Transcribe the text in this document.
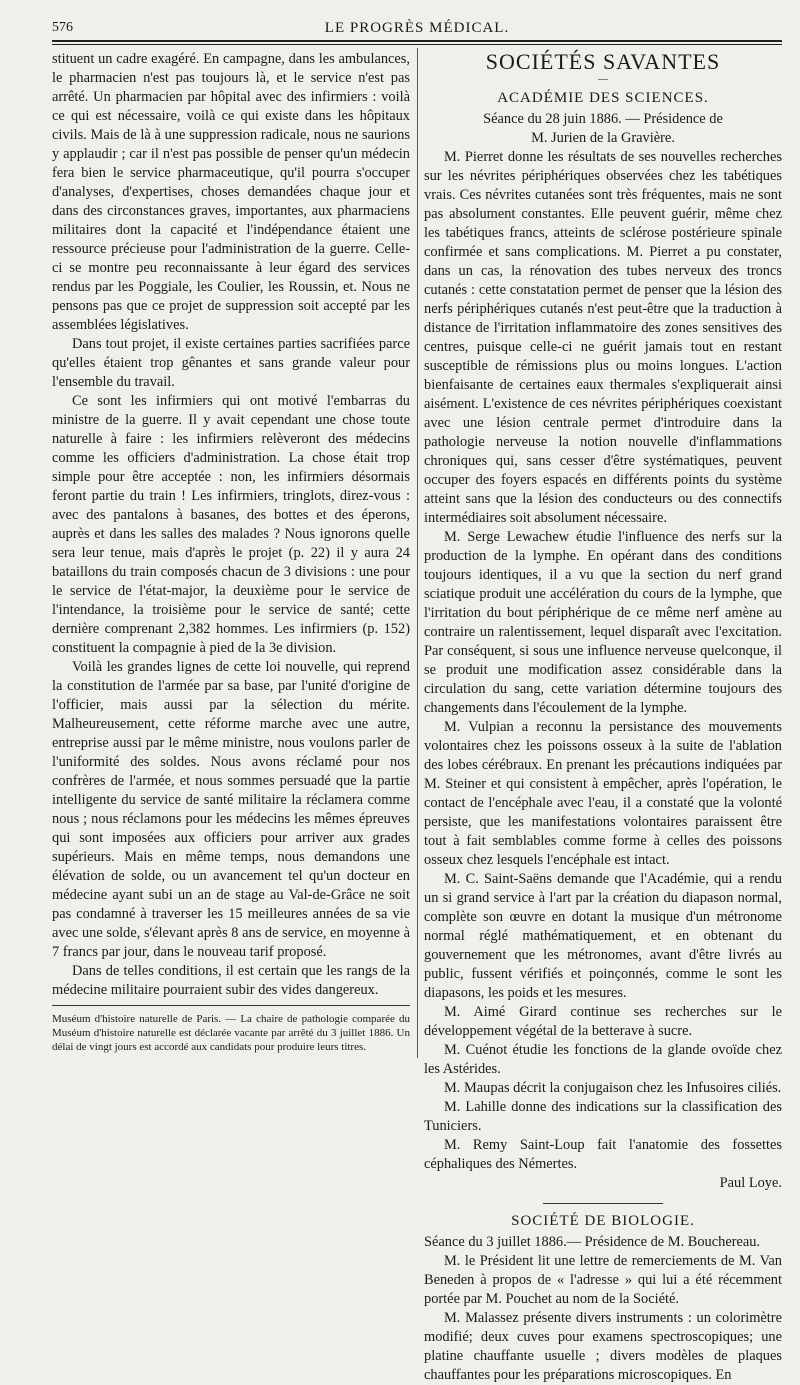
576	LE PROGRÈS MÉDICAL.

stituent un cadre exagéré. En campagne, dans les ambulances, le pharmacien n'est pas toujours là, et le service n'est pas arrêté. Un pharmacien par hôpital avec des infirmiers : voilà ce qui est nécessaire, voilà ce qui existe dans les hôpitaux civils. Mais de là à une suppression radicale, nous ne saurions y applaudir ; car il n'est pas possible de penser qu'un médecin fera bien le service pharmaceutique, qu'il pourra s'occuper d'analyses, d'expertises, choses demandées chaque jour et dans des circonstances graves, importantes, aux pharmaciens militaires dont la capacité et l'indépendance étaient une ressource précieuse pour l'administration de la guerre. Celle-ci se montre peu reconnaissante à leur égard des services rendus par les Poggiale, les Coulier, les Roussin, et. Nous ne pensons pas que ce projet de suppression soit accepté par les assemblées législatives.

Dans tout projet, il existe certaines parties sacrifiées parce qu'elles étaient trop gênantes et sans grande valeur pour l'ensemble du travail.

Ce sont les infirmiers qui ont motivé l'embarras du ministre de la guerre. Il y avait cependant une chose toute naturelle à faire : les infirmiers relèveront des médecins comme les officiers d'administration. La chose était trop simple pour être acceptée : non, les infirmiers désormais feront partie du train ! Les infirmiers, tringlots, direz-vous : avec des pantalons à basanes, des bottes et des éperons, auprès et dans les salles des malades ? Nous ignorons quelle sera leur tenue, mais d'après le projet (p. 22) il y aura 24 bataillons du train composés chacun de 3 divisions : une pour le service de l'état-major, la deuxième pour le service de l'intendance, la troisième pour le service de santé; cette dernière comprenant 2,382 hommes. Les infirmiers (p. 152) constituent la compagnie à pied de la 3e division.

Voilà les grandes lignes de cette loi nouvelle, qui reprend la constitution de l'armée par sa base, par l'unité d'origine de l'officier, mais aussi par la sélection du mérite. Malheureusement, cette réforme marche avec une autre, entreprise aussi par le même ministre, nous voulons parler de l'uniformité des soldes. Nous avons réclamé pour nos confrères de l'armée, et nous sommes persuadé que la partie intelligente du service de santé militaire la réclamera comme nous ; nous réclamons pour les médecins les mêmes épreuves qui sont imposées aux officiers pour arriver aux grades supérieurs. Mais en même temps, nous demandons une élévation de solde, ou un avancement tel qu'un docteur en médecine ayant subi un an de stage au Val-de-Grâce ne soit pas condamné à traverser les 15 meilleures années de sa vie avec une solde, s'élevant après 8 ans de service, en moyenne à 7 francs par jour, dans le nouveau tarif proposé.

Dans de telles conditions, il est certain que les rangs de la médecine militaire pourraient subir des vides dangereux.

SOCIÉTÉS SAVANTES
—
ACADÉMIE DES SCIENCES.
Séance du 28 juin 1886. — Présidence de
M. Jurien de la Gravière.

M. Pierret donne les résultats de ses nouvelles recherches sur les névrites périphériques observées chez les tabétiques vrais. Ces névrites cutanées sont très fréquentes, mais ne sont pas absolument constantes. Elle peuvent guérir, même chez les tabétiques francs, atteints de sclérose postérieure spinale confirmée et sans complications. M. Pierret a pu constater, dans un cas, la rénovation des tubes nerveux des troncs cutanés : cette constatation permet de penser que la lésion des nerfs périphériques cutanés n'est peut-être que la traduction à distance de l'irritation inflammatoire des zones sensitives des centres, puisque celle-ci ne guérit jamais tout en restant susceptible de rémissions plus ou moins longues. L'action bienfaisante de certaines eaux thermales s'expliquerait ainsi aisément. L'existence de ces névrites périphériques coexistant avec une lésion centrale permet d'introduire dans la pathologie nerveuse la notion nouvelle d'inflammations chroniques qui, sans cesser d'être systématiques, peuvent occuper des foyers espacés en différents points du système atteint sans que la lésion des conducteurs ou des connectifs intermédiaires soit absolument nécessaire.

M. Serge Lewachew étudie l'influence des nerfs sur la production de la lymphe. En opérant dans des conditions toujours identiques, il a vu que la section du nerf grand sciatique produit une accélération du cours de la lymphe, que l'irritation du bout périphérique de ce même nerf amène au contraire un ralentissement, lequel disparaît avec l'excitation. Par conséquent, si sous une influence nerveuse quelconque, il se produit une modification assez considérable dans la circulation du sang, cette variation détermine toujours des changements dans l'écoulement de la lymphe.

M. Vulpian a reconnu la persistance des mouvements volontaires chez les poissons osseux à la suite de l'ablation des lobes cérébraux. En prenant les précautions indiquées par M. Steiner et qui consistent à empêcher, après l'opération, le contact de l'encéphale avec l'eau, il a constaté que la volonté persiste, que les manifestations volontaires paraissent être tout à fait semblables comme forme à celles des poissons osseux chez lesquels l'encéphale est intact.

M. C. Saint-Saëns demande que l'Académie, qui a rendu un si grand service à l'art par la création du diapason normal, complète son œuvre en dotant la musique d'un métronome normal réglé mathématiquement, et en obtenant du gouvernement que les métronomes, avant d'être livrés au public, fussent vérifiés et poinçonnés, comme le sont les diapasons, les poids et les mesures.

M. Aimé Girard continue ses recherches sur le développement végétal de la betterave à sucre.

M. Cuénot étudie les fonctions de la glande ovoïde chez les Astérides.

M. Maupas décrit la conjugaison chez les Infusoires ciliés.

M. Lahille donne des indications sur la classification des Tuniciers.

M. Remy Saint-Loup fait l'anatomie des fossettes céphaliques des Némertes.

Paul Loye.
SOCIÉTÉ DE BIOLOGIE.

Séance du 3 juillet 1886.— Présidence de M. Bouchereau.

M. le Président lit une lettre de remerciements de M. Van Beneden à propos de « l'adresse » qui lui a été récemment portée par M. Pouchet au nom de la Société.

M. Malassez présente divers instruments : un colorimètre modifié; deux cuves pour examens spectroscopiques; une platine chauffante usuelle ; divers modèles de plaques chauffantes pour les préparations microscopiques. En

Muséum d'histoire naturelle de Paris. — La chaire de pathologie comparée du Muséum d'histoire naturelle est déclarée vacante par arrêté du 3 juillet 1886. Un délai de vingt jours est accordé aux candidats pour produire leurs titres.
